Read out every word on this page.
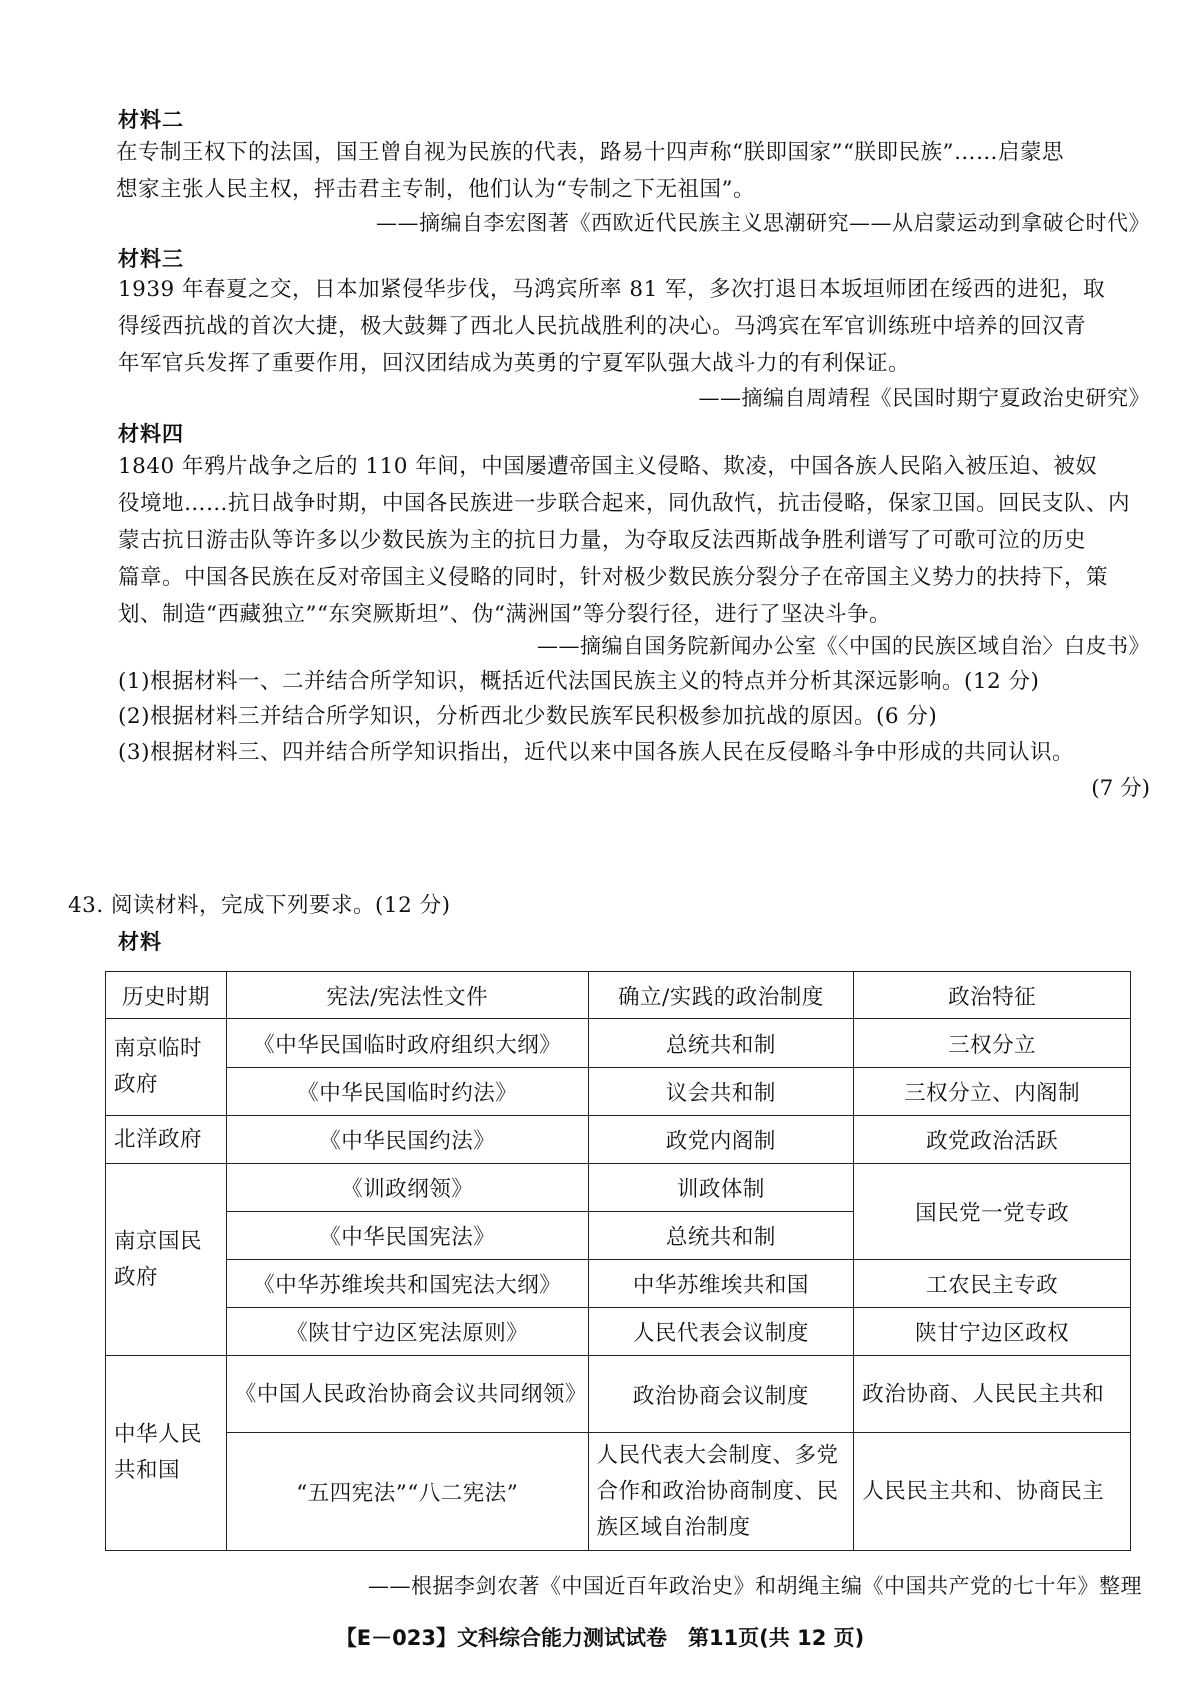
材料二
在专制王权下的法国，国王曾自视为民族的代表，路易十四声称“朕即国家”“朕即民族”……启蒙思
想家主张人民主权，抨击君主专制，他们认为“专制之下无祖国”。
——摘编自李宏图著《西欧近代民族主义思潮研究——从启蒙运动到拿破仑时代》
材料三
1939 年春夏之交，日本加紧侵华步伐，马鸿宾所率 81 军，多次打退日本坂垣师团在绥西的进犯，取
得绥西抗战的首次大捷，极大鼓舞了西北人民抗战胜利的决心。马鸿宾在军官训练班中培养的回汉青
年军官兵发挥了重要作用，回汉团结成为英勇的宁夏军队强大战斗力的有利保证。
——摘编自周靖程《民国时期宁夏政治史研究》
材料四
1840 年鸦片战争之后的 110 年间，中国屡遭帝国主义侵略、欺凌，中国各族人民陷入被压迫、被奴
役境地……抗日战争时期，中国各民族进一步联合起来，同仇敌忾，抗击侵略，保家卫国。回民支队、内
蒙古抗日游击队等许多以少数民族为主的抗日力量，为夺取反法西斯战争胜利谱写了可歌可泣的历史
篇章。中国各民族在反对帝国主义侵略的同时，针对极少数民族分裂分子在帝国主义势力的扶持下，策
划、制造“西藏独立”“东突厥斯坦”、伪“满洲国”等分裂行径，进行了坚决斗争。
——摘编自国务院新闻办公室《〈中国的民族区域自治〉白皮书》
(1)根据材料一、二并结合所学知识，概括近代法国民族主义的特点并分析其深远影响。(12 分)
(2)根据材料三并结合所学知识，分析西北少数民族军民积极参加抗战的原因。(6 分)
(3)根据材料三、四并结合所学知识指出，近代以来中国各族人民在反侵略斗争中形成的共同认识。
(7 分)
43. 阅读材料，完成下列要求。(12 分)
材料
历史时期	宪法/宪法性文件	确立/实践的政治制度	政治特征
南京临时政府	《中华民国临时政府组织大纲》	总统共和制	三权分立
	《中华民国临时约法》	议会共和制	三权分立、内阁制
北洋政府	《中华民国约法》	政党内阁制	政党政治活跃
南京国民政府	《训政纲领》	训政体制	国民党一党专政
	《中华民国宪法》	总统共和制	
	《中华苏维埃共和国宪法大纲》	中华苏维埃共和国	工农民主专政
	《陕甘宁边区宪法原则》	人民代表会议制度	陕甘宁边区政权
中华人民共和国	《中国人民政治协商会议共同纲领》	政治协商会议制度	政治协商、人民民主共和
	“五四宪法”“八二宪法”	人民代表大会制度、多党合作和政治协商制度、民族区域自治制度	人民民主共和、协商民主
——根据李剑农著《中国近百年政治史》和胡绳主编《中国共产党的七十年》整理
【E－023】文科综合能力测试试卷　第11页(共 12 页)
